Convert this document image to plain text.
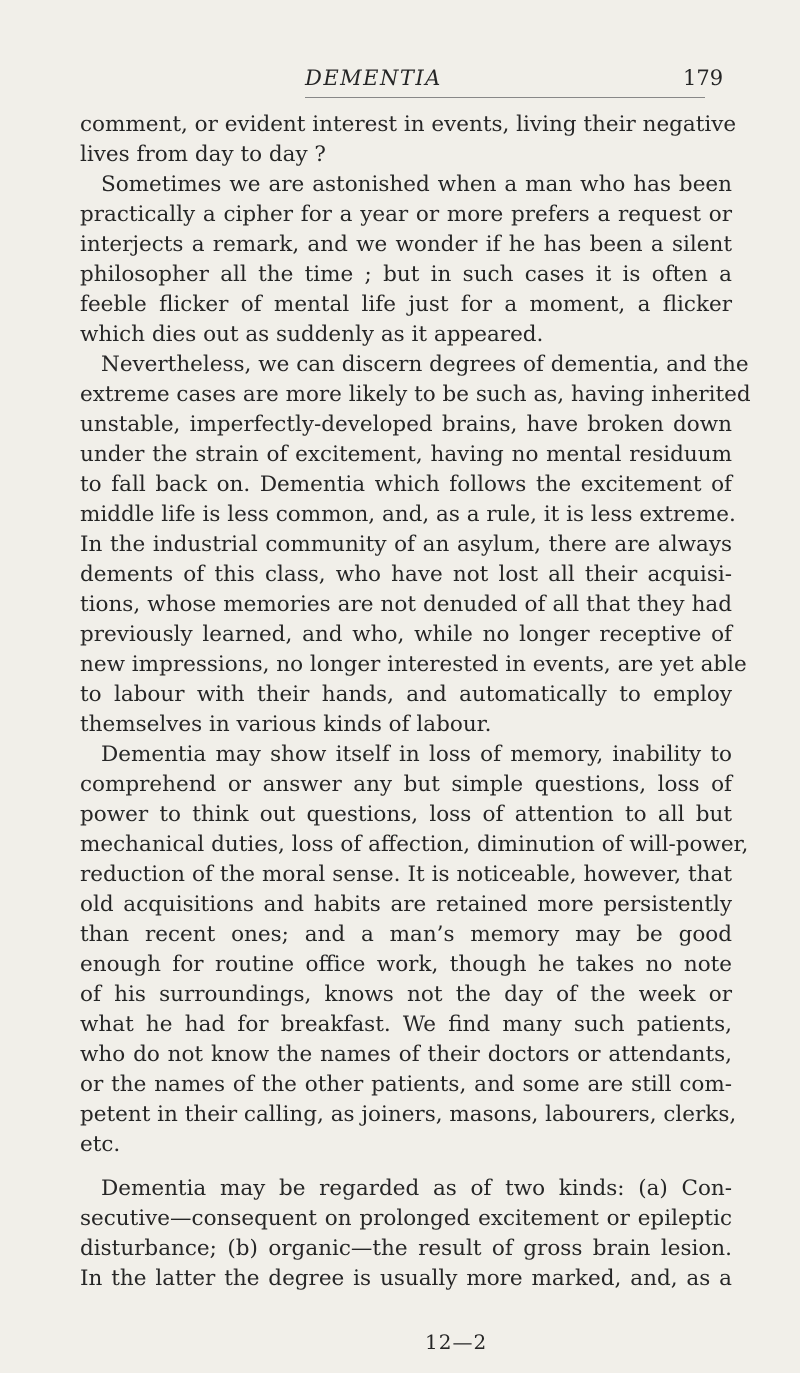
DEMENTIA	179
comment, or evident interest in events, living their negative
lives from day to day ?
Sometimes we are astonished when a man who has been
practically a cipher for a year or more prefers a request or
interjects a remark, and we wonder if he has been a silent
philosopher all the time ; but in such cases it is often a
feeble flicker of mental life just for a moment, a flicker
which dies out as suddenly as it appeared.
Nevertheless, we can discern degrees of dementia, and the
extreme cases are more likely to be such as, having inherited
unstable, imperfectly-developed brains, have broken down
under the strain of excitement, having no mental residuum
to fall back on. Dementia which follows the excitement of
middle life is less common, and, as a rule, it is less extreme.
In the industrial community of an asylum, there are always
dements of this class, who have not lost all their acquisi-
tions, whose memories are not denuded of all that they had
previously learned, and who, while no longer receptive of
new impressions, no longer interested in events, are yet able
to labour with their hands, and automatically to employ
themselves in various kinds of labour.
Dementia may show itself in loss of memory, inability to
comprehend or answer any but simple questions, loss of
power to think out questions, loss of attention to all but
mechanical duties, loss of affection, diminution of will-power,
reduction of the moral sense. It is noticeable, however, that
old acquisitions and habits are retained more persistently
than recent ones; and a man’s memory may be good
enough for routine office work, though he takes no note
of his surroundings, knows not the day of the week or
what he had for breakfast. We find many such patients,
who do not know the names of their doctors or attendants,
or the names of the other patients, and some are still com-
petent in their calling, as joiners, masons, labourers, clerks,
etc.
Dementia may be regarded as of two kinds: (a) Con-
secutive—consequent on prolonged excitement or epileptic
disturbance; (b) organic—the result of gross brain lesion.
In the latter the degree is usually more marked, and, as a
12—2
